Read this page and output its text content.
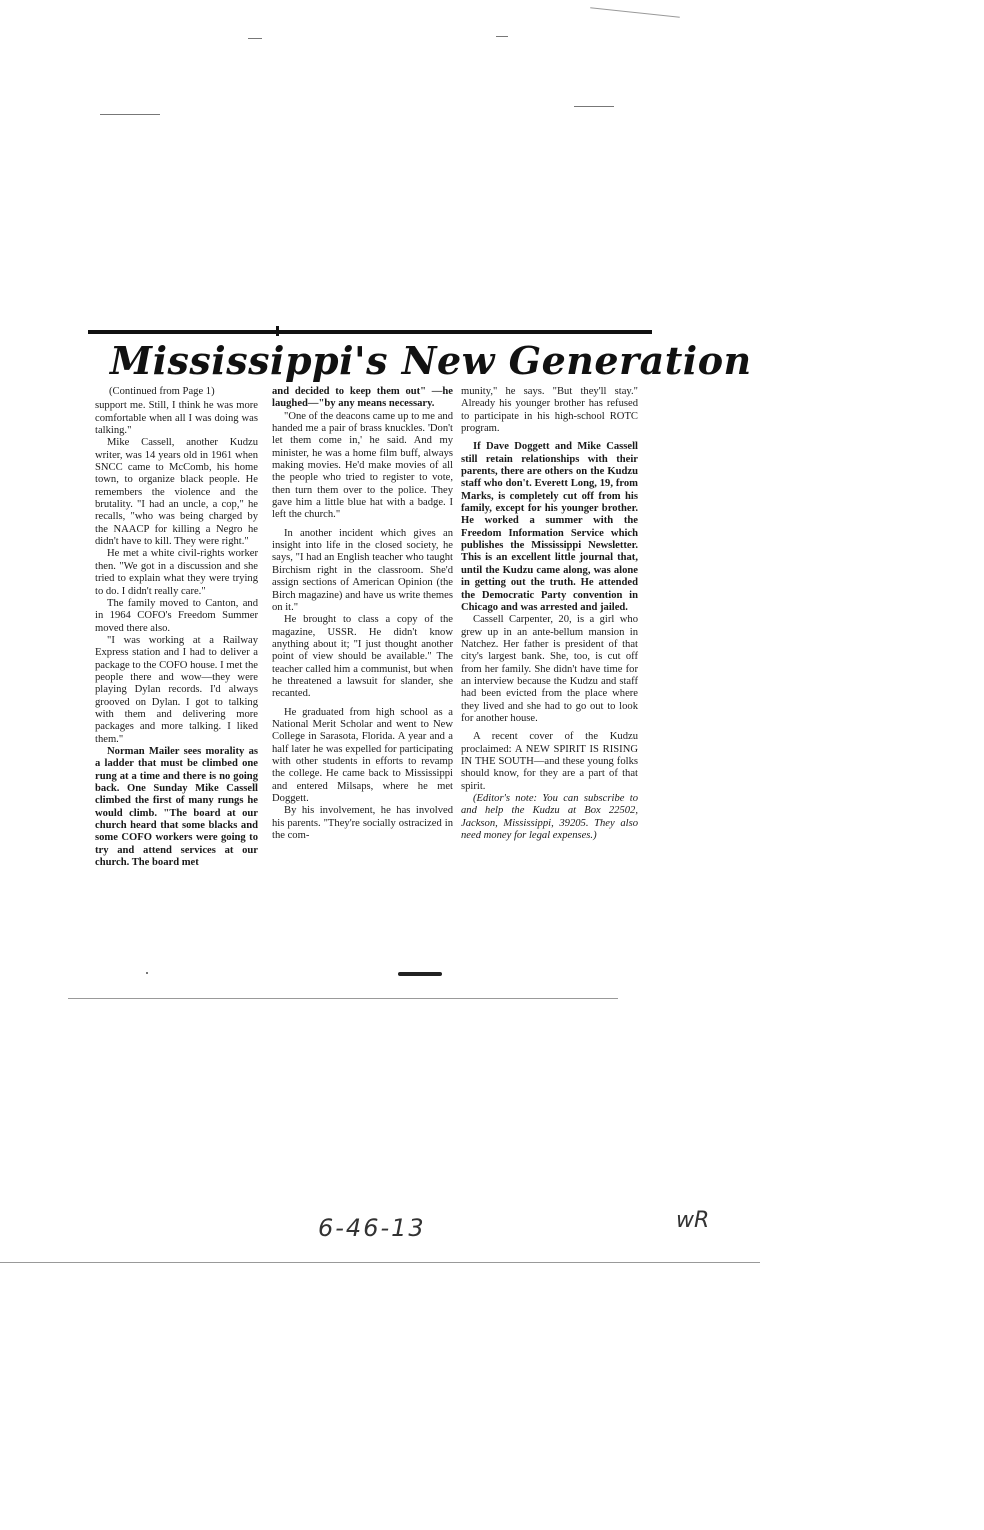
Mississippi's New Generation

(Continued from Page 1)

support me. Still, I think he was more comfortable when all I was doing was talking."

Mike Cassell, another Kudzu writer, was 14 years old in 1961 when SNCC came to McComb, his home town, to organize black people. He remembers the violence and the brutality. "I had an uncle, a cop," he recalls, "who was being charged by the NAACP for killing a Negro he didn't have to kill. They were right."

He met a white civil-rights worker then. "We got in a discussion and she tried to explain what they were trying to do. I didn't really care."

The family moved to Canton, and in 1964 COFO's Freedom Summer moved there also.

"I was working at a Railway Express station and I had to deliver a package to the COFO house. I met the people there and wow—they were playing Dylan records. I'd always grooved on Dylan. I got to talking with them and delivering more packages and more talking. I liked them."

Norman Mailer sees morality as a ladder that must be climbed one rung at a time and there is no going back. One Sunday Mike Cassell climbed the first of many rungs he would climb. "The board at our church heard that some blacks and some COFO workers were going to try and attend services at our church. The board met

and decided to keep them out" —he laughed—"by any means necessary.

"One of the deacons came up to me and handed me a pair of brass knuckles. 'Don't let them come in,' he said. And my minister, he was a home film buff, always making movies. He'd make movies of all the people who tried to register to vote, then turn them over to the police. They gave him a little blue hat with a badge. I left the church."

In another incident which gives an insight into life in the closed society, he says, "I had an English teacher who taught Birchism right in the classroom. She'd assign sections of American Opinion (the Birch magazine) and have us write themes on it."

He brought to class a copy of the magazine, USSR. He didn't know anything about it; "I just thought another point of view should be available." The teacher called him a communist, but when he threatened a lawsuit for slander, she recanted.

He graduated from high school as a National Merit Scholar and went to New College in Sarasota, Florida. A year and a half later he was expelled for participating with other students in efforts to revamp the college. He came back to Mississippi and entered Milsaps, where he met Doggett.

By his involvement, he has involved his parents. "They're socially ostracized in the com-

munity," he says. "But they'll stay." Already his younger brother has refused to participate in his high-school ROTC program.

If Dave Doggett and Mike Cassell still retain relationships with their parents, there are others on the Kudzu staff who don't. Everett Long, 19, from Marks, is completely cut off from his family, except for his younger brother. He worked a summer with the Freedom Information Service which publishes the Mississippi Newsletter. This is an excellent little journal that, until the Kudzu came along, was alone in getting out the truth. He attended the Democratic Party convention in Chicago and was arrested and jailed.

Cassell Carpenter, 20, is a girl who grew up in an ante-bellum mansion in Natchez. Her father is president of that city's largest bank. She, too, is cut off from her family. She didn't have time for an interview because the Kudzu and staff had been evicted from the place where they lived and she had to go out to look for another house.

A recent cover of the Kudzu proclaimed: A NEW SPIRIT IS RISING IN THE SOUTH—and these young folks should know, for they are a part of that spirit.

(Editor's note: You can subscribe to and help the Kudzu at Box 22502, Jackson, Mississippi, 39205. They also need money for legal expenses.)

6-46-13	wR
